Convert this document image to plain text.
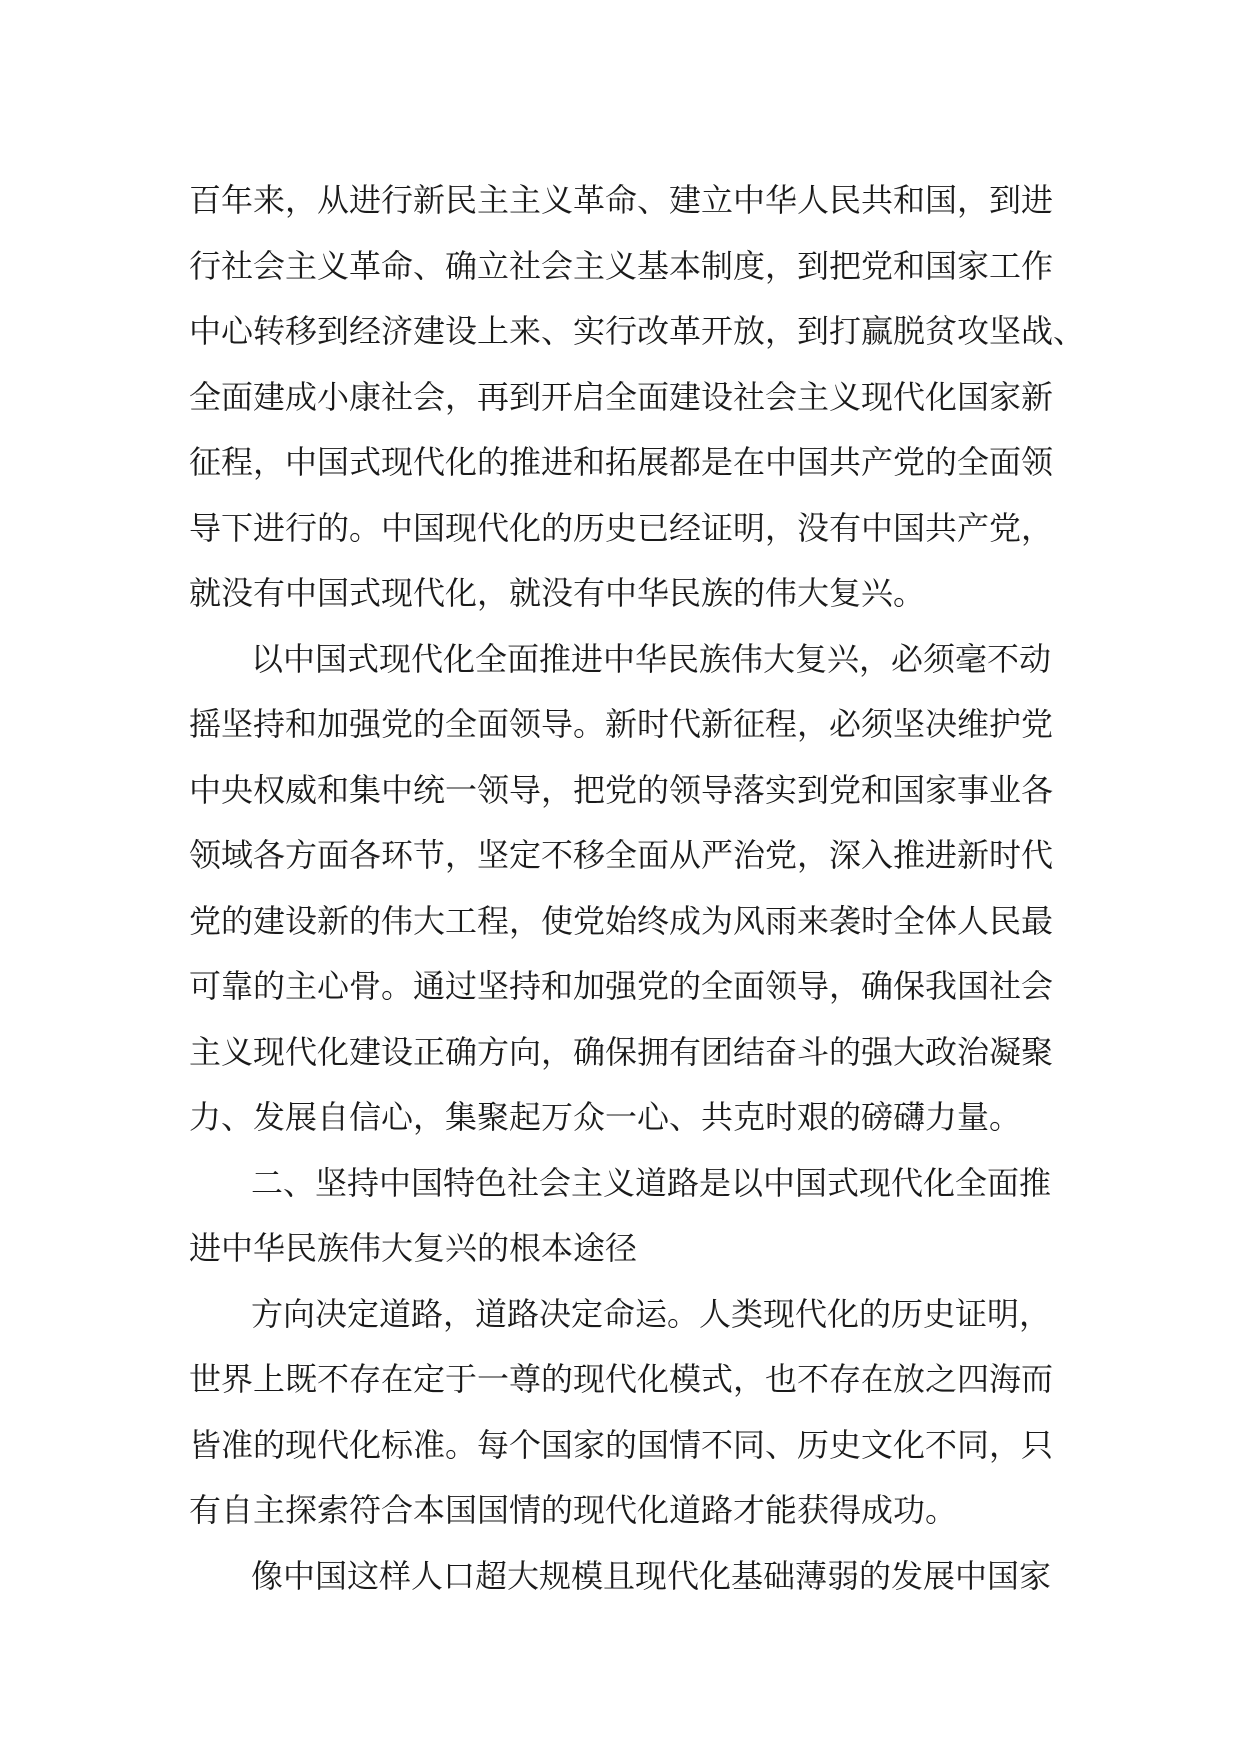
百年来，从进行新民主主义革命、建立中华人民共和国，到进
行社会主义革命、确立社会主义基本制度，到把党和国家工作
中心转移到经济建设上来、实行改革开放，到打赢脱贫攻坚战、
全面建成小康社会，再到开启全面建设社会主义现代化国家新
征程，中国式现代化的推进和拓展都是在中国共产党的全面领
导下进行的。中国现代化的历史已经证明，没有中国共产党，
就没有中国式现代化，就没有中华民族的伟大复兴。
以中国式现代化全面推进中华民族伟大复兴，必须毫不动
摇坚持和加强党的全面领导。新时代新征程，必须坚决维护党
中央权威和集中统一领导，把党的领导落实到党和国家事业各
领域各方面各环节，坚定不移全面从严治党，深入推进新时代
党的建设新的伟大工程，使党始终成为风雨来袭时全体人民最
可靠的主心骨。通过坚持和加强党的全面领导，确保我国社会
主义现代化建设正确方向，确保拥有团结奋斗的强大政治凝聚
力、发展自信心，集聚起万众一心、共克时艰的磅礴力量。
二、坚持中国特色社会主义道路是以中国式现代化全面推
进中华民族伟大复兴的根本途径
方向决定道路，道路决定命运。人类现代化的历史证明，
世界上既不存在定于一尊的现代化模式，也不存在放之四海而
皆准的现代化标准。每个国家的国情不同、历史文化不同，只
有自主探索符合本国国情的现代化道路才能获得成功。
像中国这样人口超大规模且现代化基础薄弱的发展中国家
